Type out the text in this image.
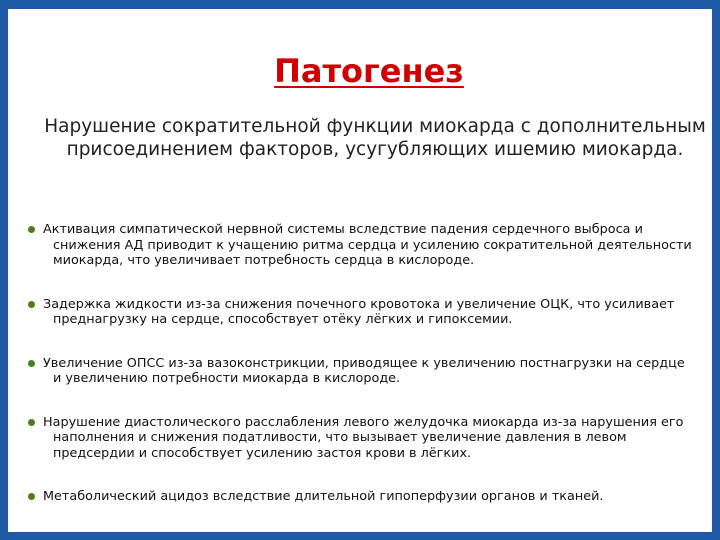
Патогенез
Нарушение сократительной функции миокарда с дополнительным присоединением факторов, усугубляющих ишемию миокарда.
Активация симпатической нервной системы вследствие падения сердечного выброса и снижения АД приводит к учащению ритма сердца и усилению сократительной деятельности миокарда, что увеличивает потребность сердца в кислороде.
Задержка жидкости из-за снижения почечного кровотока и увеличение ОЦК, что усиливает преднагрузку на сердце, способствует отёку лёгких и гипоксемии.
Увеличение ОПСС из-за вазоконстрикции, приводящее к увеличению постнагрузки на сердце и увеличению потребности миокарда в кислороде.
Нарушение диастолического расслабления левого желудочка миокарда из-за нарушения его наполнения и снижения податливости, что вызывает увеличение давления в левом предсердии и способствует усилению застоя крови в лёгких.
Метаболический ацидоз вследствие длительной гипоперфузии органов и тканей.
